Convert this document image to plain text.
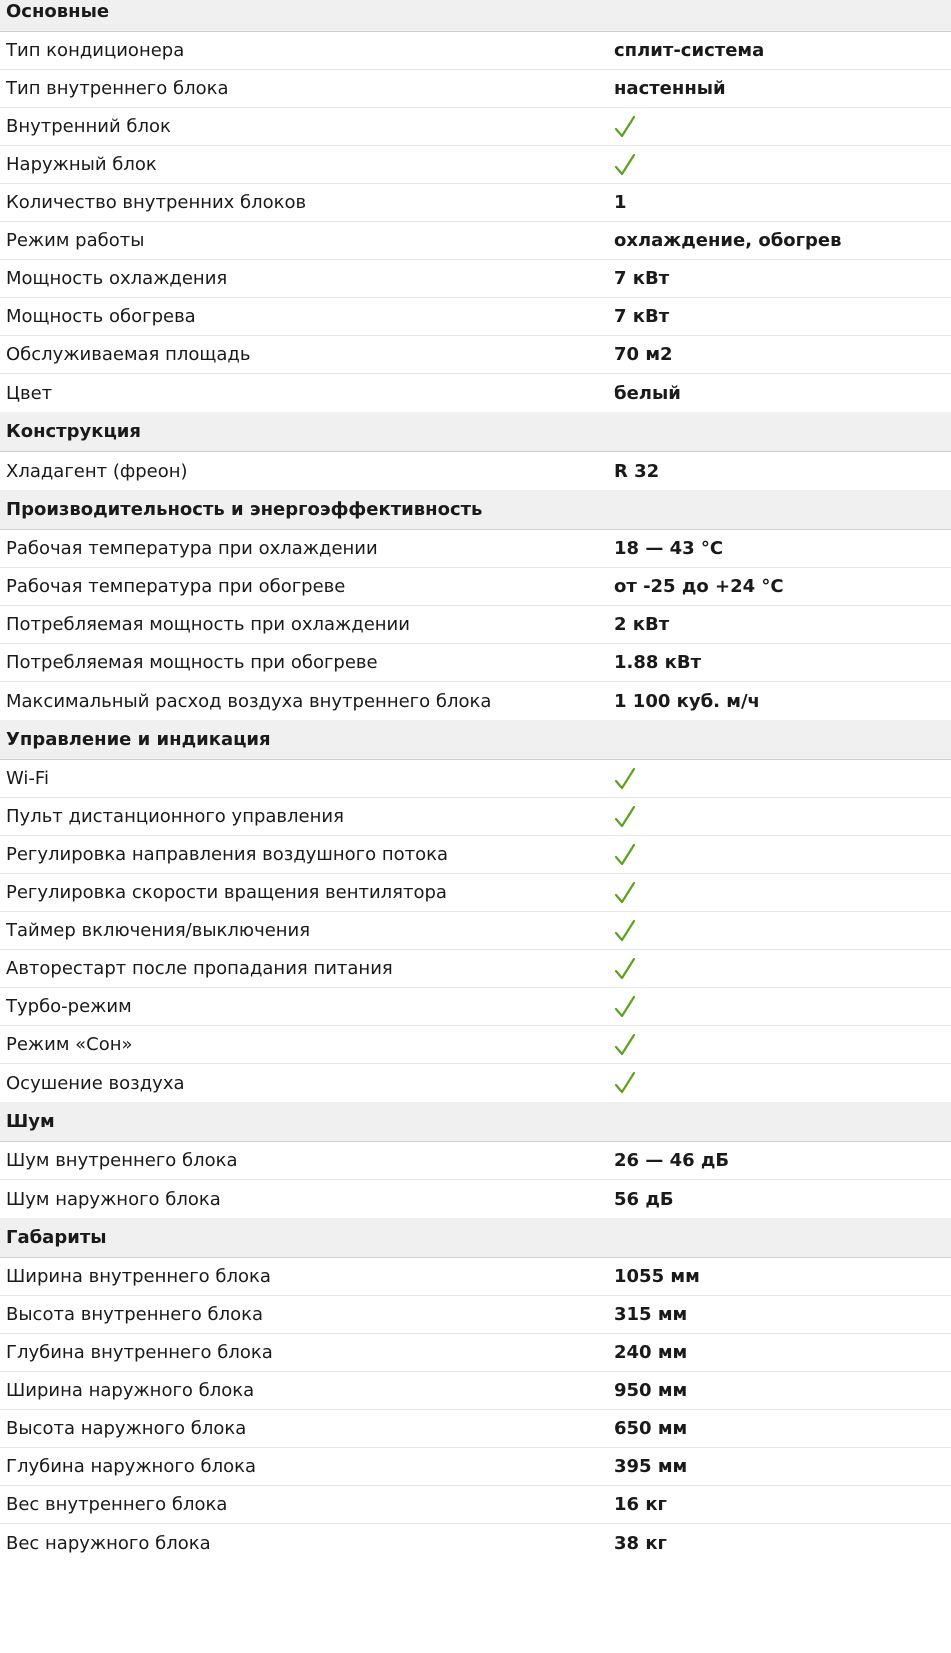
Основные
Тип кондиционера	сплит-система
Тип внутреннего блока	настенный
Внутренний блок
Наружный блок
Количество внутренних блоков	1
Режим работы	охлаждение, обогрев
Мощность охлаждения	7 кВт
Мощность обогрева	7 кВт
Обслуживаемая площадь	70 м2
Цвет	белый
Конструкция
Хладагент (фреон)	R 32
Производительность и энергоэффективность
Рабочая температура при охлаждении	18 — 43 °C
Рабочая температура при обогреве	от -25 до +24 °C
Потребляемая мощность при охлаждении	2 кВт
Потребляемая мощность при обогреве	1.88 кВт
Максимальный расход воздуха внутреннего блока	1 100 куб. м/ч
Управление и индикация
Wi-Fi
Пульт дистанционного управления
Регулировка направления воздушного потока
Регулировка скорости вращения вентилятора
Таймер включения/выключения
Авторестарт после пропадания питания
Турбо-режим
Режим «Сон»
Осушение воздуха
Шум
Шум внутреннего блока	26 — 46 дБ
Шум наружного блока	56 дБ
Габариты
Ширина внутреннего блока	1055 мм
Высота внутреннего блока	315 мм
Глубина внутреннего блока	240 мм
Ширина наружного блока	950 мм
Высота наружного блока	650 мм
Глубина наружного блока	395 мм
Вес внутреннего блока	16 кг
Вес наружного блока	38 кг
